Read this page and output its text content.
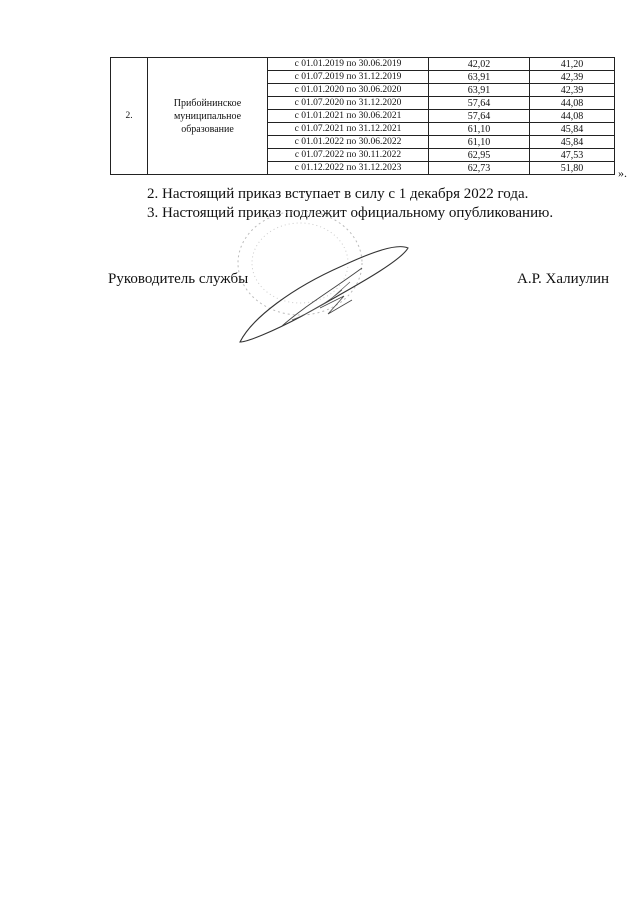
2.	Прибойнинское муниципальное образование	с 01.01.2019 по 30.06.2019	42,02	41,20
		с 01.07.2019 по 31.12.2019	63,91	42,39
		с 01.01.2020 по 30.06.2020	63,91	42,39
		с 01.07.2020 по 31.12.2020	57,64	44,08
		с 01.01.2021 по 30.06.2021	57,64	44,08
		с 01.07.2021 по 31.12.2021	61,10	45,84
		с 01.01.2022 по 30.06.2022	61,10	45,84
		с 01.07.2022 по 30.11.2022	62,95	47,53
		с 01.12.2022 по 31.12.2023	62,73	51,80	».
2. Настоящий приказ вступает в силу с 1 декабря 2022 года.
3. Настоящий приказ подлежит официальному опубликованию.
Руководитель службы	А.Р. Халиулин
